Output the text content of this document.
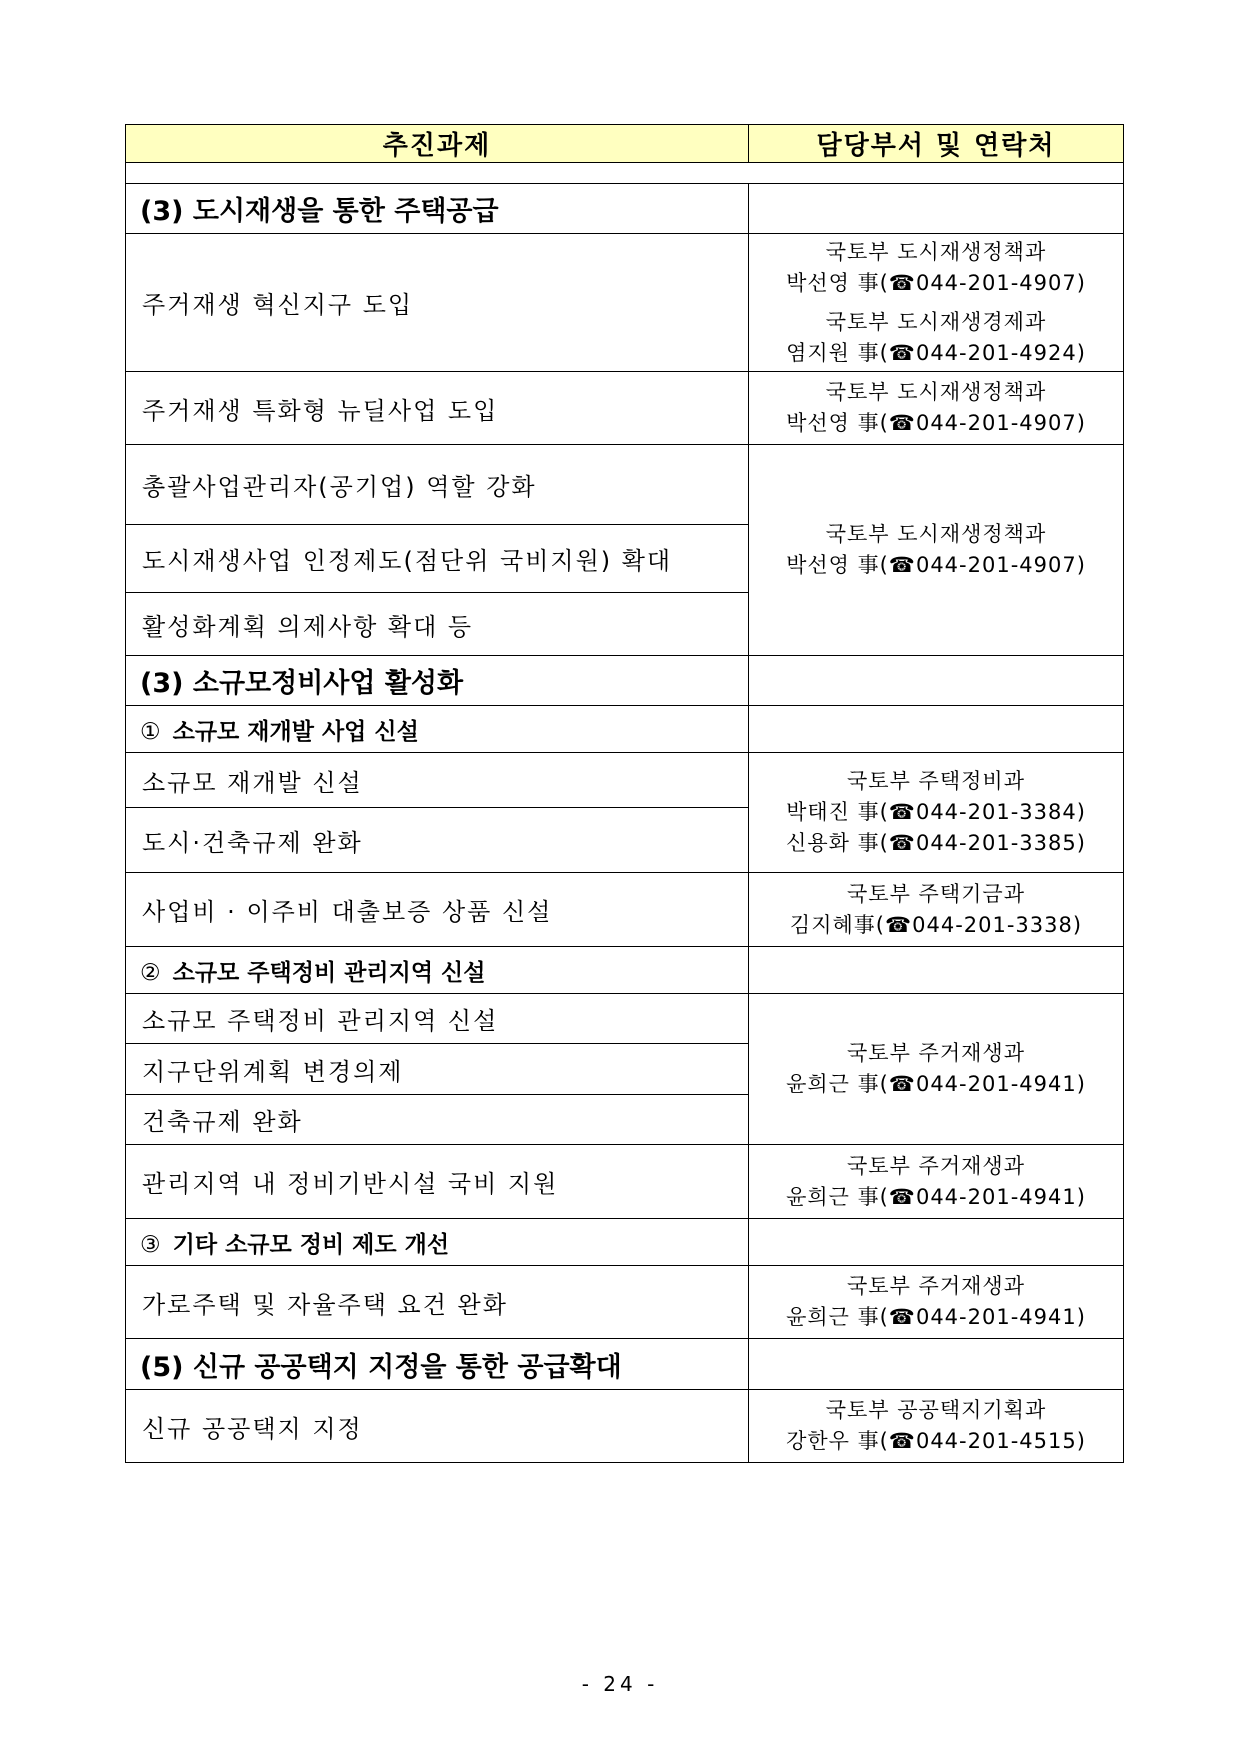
추진과제	담당부서 및 연락처

(3) 도시재생을 통한 주택공급	
주거재생 혁신지구 도입	국토부 도시재생정책과
박선영 事(☎044-201-4907)
국토부 도시재생경제과
염지원 事(☎044-201-4924)

주거재생 특화형 뉴딜사업 도입	국토부 도시재생정책과
박선영 事(☎044-201-4907)

총괄사업관리자(공기업) 역할 강화	국토부 도시재생정책과
박선영 事(☎044-201-4907)

도시재생사업 인정제도(점단위 국비지원) 확대	
활성화계획 의제사항 확대 등	
(3) 소규모정비사업 활성화	
① 소규모 재개발 사업 신설	
소규모 재개발 신설	국토부 주택정비과
박태진 事(☎044-201-3384)
신용화 事(☎044-201-3385)

도시·건축규제 완화	
사업비 · 이주비 대출보증 상품 신설	국토부 주택기금과
김지혜事(☎044-201-3338)

② 소규모 주택정비 관리지역 신설	
소규모 주택정비 관리지역 신설	국토부 주거재생과
윤희근 事(☎044-201-4941)

지구단위계획 변경의제	
건축규제 완화	
관리지역 내 정비기반시설 국비 지원	국토부 주거재생과
윤희근 事(☎044-201-4941)

③ 기타 소규모 정비 제도 개선	
가로주택 및 자율주택 요건 완화	국토부 주거재생과
윤희근 事(☎044-201-4941)

(5) 신규 공공택지 지정을 통한 공급확대	
신규 공공택지 지정	국토부 공공택지기획과
강한우 事(☎044-201-4515)
- 24 -
